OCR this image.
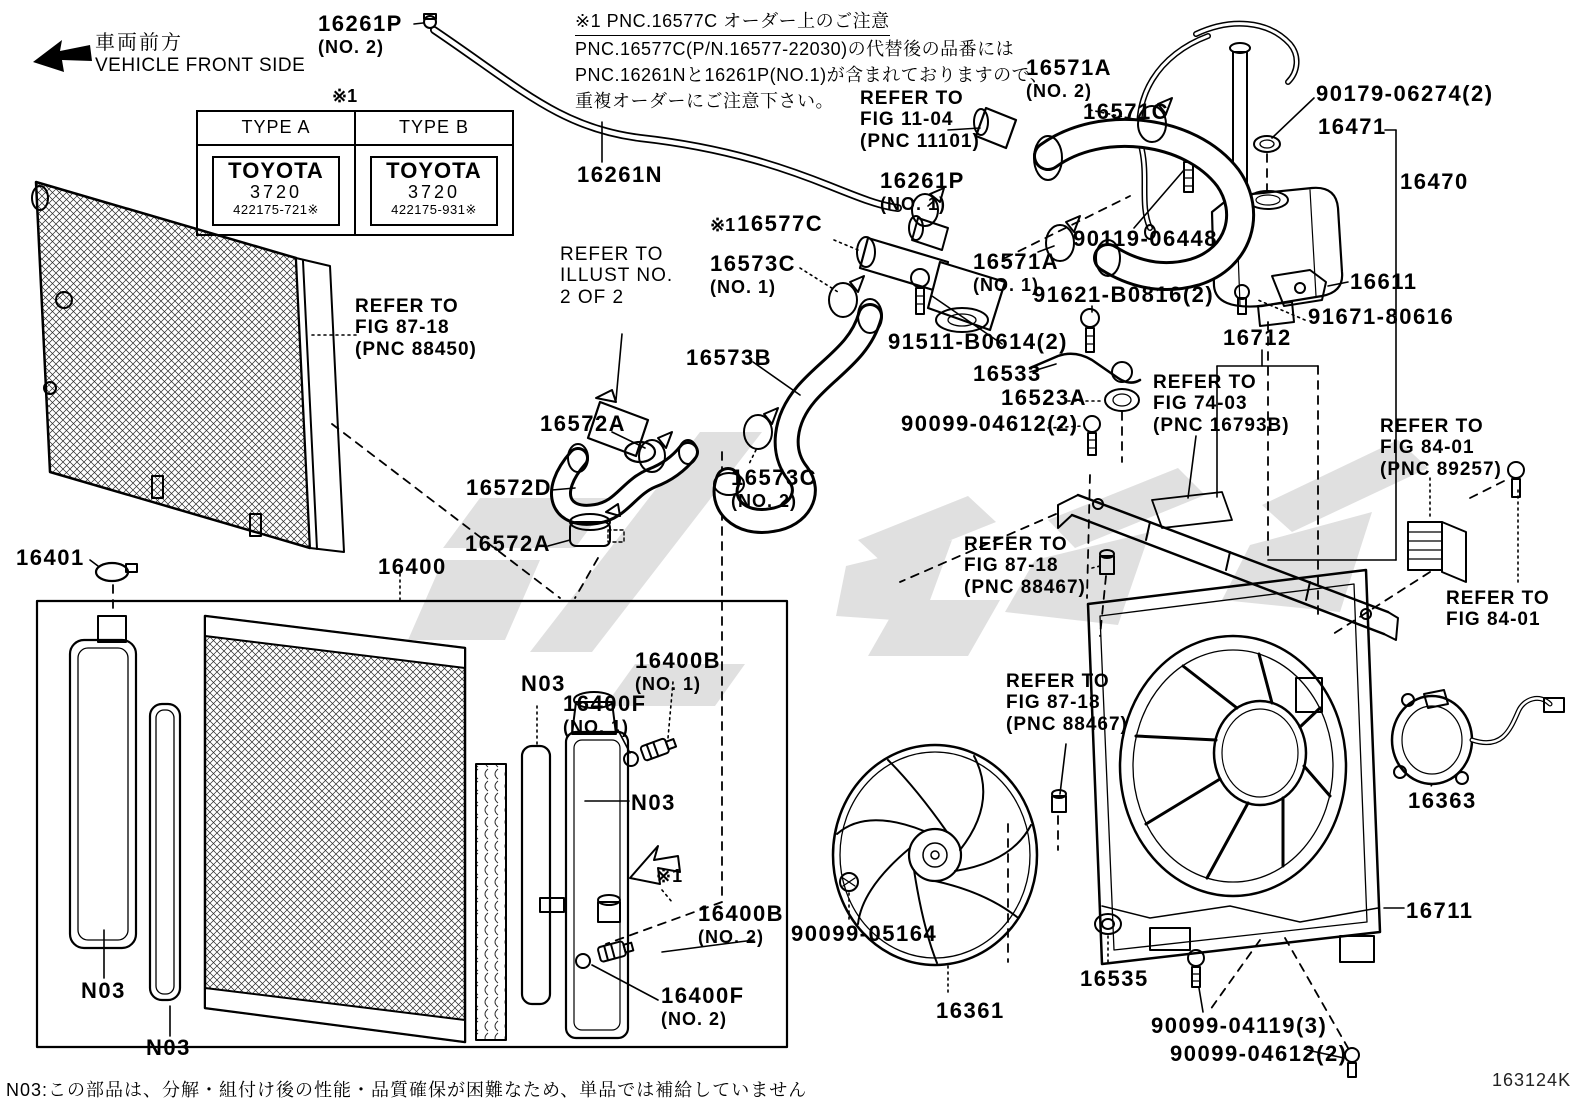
車両前方
VEHICLE FRONT SIDE
※1 PNC.16577C オーダー上のご注意
PNC.16577C(P/N.16577-22030)の代替後の品番には
PNC.16261Nと16261P(NO.1)が含まれておりますので、
重複オーダーにご注意下さい。
※1
TYPE A	TYPE B
TOYOTA
3720
422175-721※
TOYOTA
3720
422175-931※
16261P
(NO. 2)
16261N
REFER TO
FIG 11-04
(PNC 11101)
16571A
(NO. 2)
16571C
16261P
(NO. 1)
90179-06274(2)
16471
16470
90119-06448
16611
91671-80616
※116577C
16573C
(NO. 1)
16571A
(NO. 1)
91621-B0816(2)
91511-B0614(2)
16573B
16533
16523A
90099-04612(2)
16712
REFER TO
FIG 74-03
(PNC 16793B)	REFER TO
FIG 84-01
(PNC 89257)
REFER TO
FIG 84-01
REFER TO
FIG 87-18
(PNC 88450)
REFER TO
ILLUST NO.
2 OF 2
16572A
16572D	16573C
(NO. 2)
16572A
16401	16400
N03
16400F
(NO. 1)
16400B
(NO. 1)
N03
※1
16400B
(NO. 2)
16400F
(NO. 2)
N03
N03
REFER TO
FIG 87-18
(PNC 88467)
REFER TO
FIG 87-18
(PNC 88467)
90099-05164
16361
16535
16711
90099-04119(3)
90099-04612(2)
16363
N03:この部品は、分解・組付け後の性能・品質確保が困難なため、単品では補給していません	163124K
